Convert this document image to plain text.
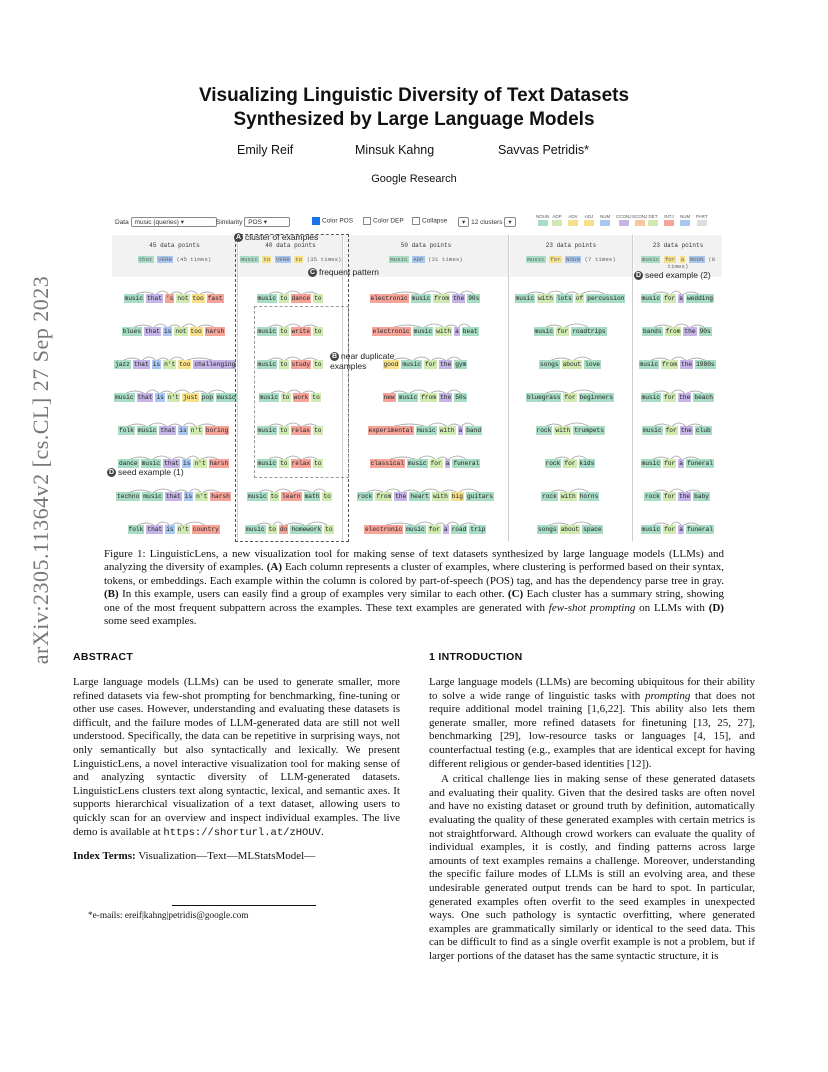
arXiv:2305.11364v2 [cs.CL] 27 Sep 2023
Visualizing Linguistic Diversity of Text Datasets
Synthesized by Large Language Models
Emily Reif	Minsuk Kahng	Savvas Petridis*
Google Research
Data music (queries) ▾	Similarity POS ▾	Color POS	Color DEP	Collapse	▾ 12 clusters ▾
NOUN ADP ADV ADJ NUM CCONJ SCONJ DET INTJ NUM PART
45 data points
that VERB (45 times)
music that 's not too fast
blues that is not too harsh
jazz that is n't too challenging
music that is n't just pop music
folk music that is n't boring
dance music that is n't harsh
techno music that is n't harsh
folk that is n't country
40 data points
music to VERB to (35 times)
music to dance to
music to write to
music to study to
music to work to
music to relax to
music to relax to
music to learn math to
music to do homework to
50 data points
music ADP (31 times)
electronic music from the 90s
electronic music with a beat
good music for the gym
new music from the 50s
experimental music with a band
classical music for a funeral
rock from the heart with big guitars
electronic music for a road trip
23 data points
music for NOUN (7 times)
music with lots of percussion
music for roadtrips
songs about love
bluegrass for beginners
rock with trumpets
rock for kids
rock with horns
songs about space
23 data points
music for a NOUN (8 times)
music for a wedding
bands from the 90s
music from the 1980s
music for the beach
music for the club
music for a funeral
rock for the baby
music for a funeral
A cluster of examples
C frequent pattern
B near duplicate examples
D seed example (1)
D seed example (2)
Figure 1: LinguisticLens, a new visualization tool for making sense of text datasets synthesized by large language models (LLMs) and analyzing the diversity of examples. (A) Each column represents a cluster of examples, where clustering is performed based on their syntax, tokens, or embeddings. Each example within the column is colored by part-of-speech (POS) tag, and has the dependency parse tree in gray. (B) In this example, users can easily find a group of examples very similar to each other. (C) Each cluster has a summary string, showing one of the most frequent subpattern across the examples. These text examples are generated with few-shot prompting on LLMs with (D) some seed examples.
ABSTRACT

Large language models (LLMs) can be used to generate smaller, more refined datasets via few-shot prompting for benchmarking, fine-tuning or other use cases. However, understanding and evaluating these datasets is difficult, and the failure modes of LLM-generated data are still not well understood. Specifically, the data can be repetitive in surprising ways, not only semantically but also syntactically and lexically. We present LinguisticLens, a novel interactive visualization tool for making sense of and analyzing syntactic diversity of LLM-generated datasets. LinguisticLens clusters text along syntactic, lexical, and semantic axes. It supports hierarchical visualization of a text dataset, allowing users to quickly scan for an overview and inspect individual examples. The live demo is available at https://shorturl.at/zHOUV.

Index Terms: Visualization—Text—MLStatsModel—

*e-mails: ereif|kahng|petridis@google.com
1 INTRODUCTION

Large language models (LLMs) are becoming ubiquitous for their ability to solve a wide range of linguistic tasks with prompting that does not require additional model training [1,6,22]. This ability also lets them generate smaller, more refined datasets for finetuning [13, 25, 27], benchmarking [29], low-resource tasks or languages [4, 15], and counterfactual testing (e.g., examples that are identical except for having different religious or gender-based identities [12]).

A critical challenge lies in making sense of these generated datasets and evaluating their quality. Given that the desired tasks are often novel and have no existing dataset or ground truth by definition, automatically evaluating the quality of these generated examples with certain metrics is not straightforward. Although crowd workers can evaluate the quality of individual examples, it is costly, and finding patterns across large amounts of text examples remains a challenge. Moreover, understanding the specific failure modes of LLMs is still an evolving area, and these undesirable generated output trends can be hard to spot. In particular, generated examples often overfit to the seed examples in unexpected ways. One such pathology is syntactic overfitting, where generated examples are grammatically similarly or identical to the seed data. This can be difficult to find as a single overfit example is not a problem, but if larger portions of the dataset has the same syntactic structure, it is
